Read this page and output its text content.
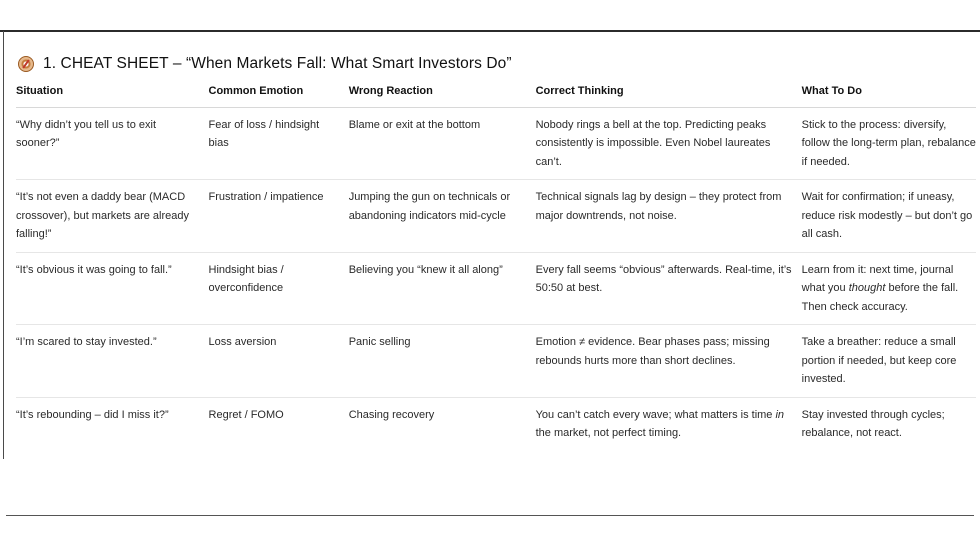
1. CHEAT SHEET – “When Markets Fall: What Smart Investors Do”
Situation	Common Emotion	Wrong Reaction	Correct Thinking	What To Do
“Why didn’t you tell us to exit sooner?”	Fear of loss / hindsight bias	Blame or exit at the bottom	Nobody rings a bell at the top. Predicting peaks consistently is impossible. Even Nobel laureates can’t.	Stick to the process: diversify, follow the long-term plan, rebalance if needed.
“It’s not even a daddy bear (MACD crossover), but markets are already falling!”	Frustration / impatience	Jumping the gun on technicals or abandoning indicators mid-cycle	Technical signals lag by design – they protect from major downtrends, not noise.	Wait for confirmation; if uneasy, reduce risk modestly – but don’t go all cash.
“It’s obvious it was going to fall.”	Hindsight bias / overconfidence	Believing you “knew it all along”	Every fall seems “obvious” afterwards. Real-time, it’s 50:50 at best.	Learn from it: next time, journal what you thought before the fall. Then check accuracy.
“I’m scared to stay invested.”	Loss aversion	Panic selling	Emotion ≠ evidence. Bear phases pass; missing rebounds hurts more than short declines.	Take a breather: reduce a small portion if needed, but keep core invested.
“It’s rebounding – did I miss it?”	Regret / FOMO	Chasing recovery	You can’t catch every wave; what matters is time in the market, not perfect timing.	Stay invested through cycles; rebalance, not react.
